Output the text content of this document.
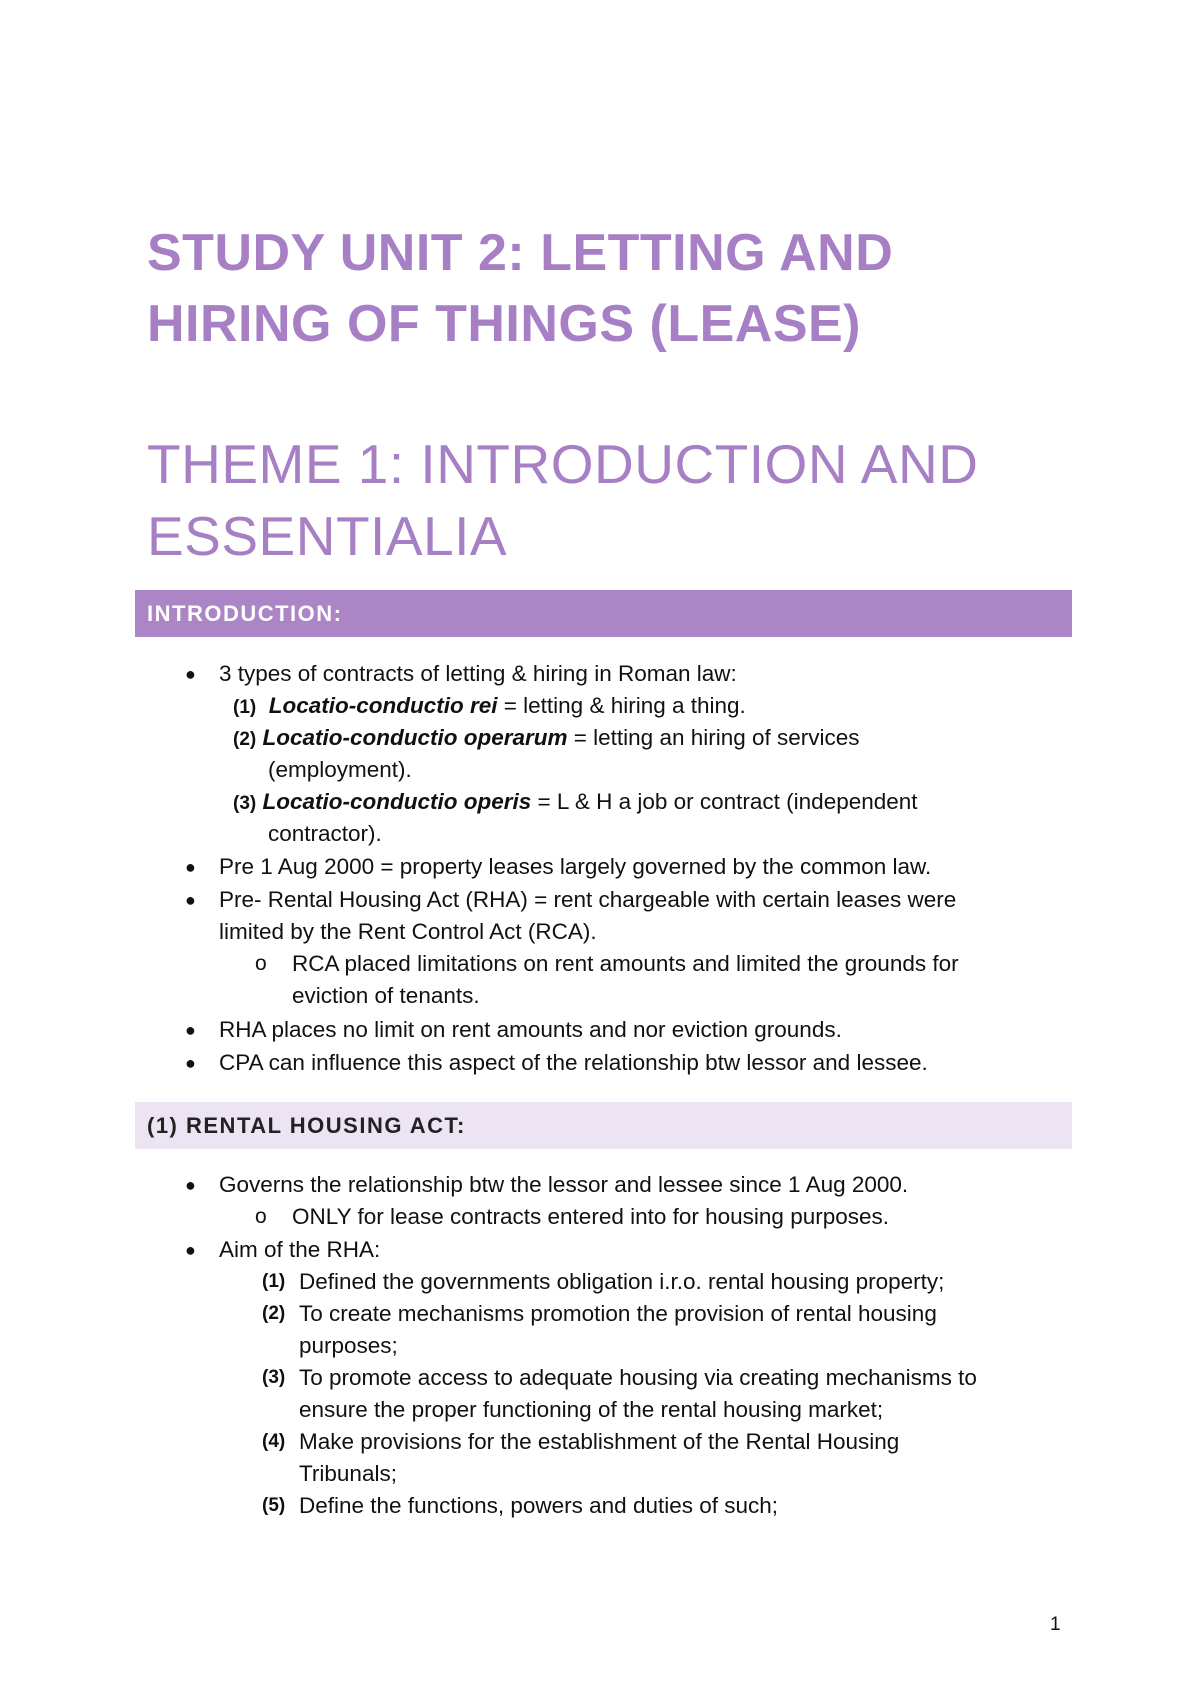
STUDY UNIT 2: LETTING AND
HIRING OF THINGS (LEASE)
THEME 1: INTRODUCTION AND
ESSENTIALIA
INTRODUCTION:
● 3 types of contracts of letting & hiring in Roman law:
(1) Locatio-conductio rei = letting & hiring a thing.
(2) Locatio-conductio operarum = letting an hiring of services
(employment).
(3) Locatio-conductio operis = L & H a job or contract (independent
contractor).
● Pre 1 Aug 2000 = property leases largely governed by the common law.
● Pre- Rental Housing Act (RHA) = rent chargeable with certain leases were
limited by the Rent Control Act (RCA).
o RCA placed limitations on rent amounts and limited the grounds for
eviction of tenants.
● RHA places no limit on rent amounts and nor eviction grounds.
● CPA can influence this aspect of the relationship btw lessor and lessee.
(1) RENTAL HOUSING ACT:
● Governs the relationship btw the lessor and lessee since 1 Aug 2000.
o ONLY for lease contracts entered into for housing purposes.
● Aim of the RHA:
(1) Defined the governments obligation i.r.o. rental housing property;
(2) To create mechanisms promotion the provision of rental housing
purposes;
(3) To promote access to adequate housing via creating mechanisms to
ensure the proper functioning of the rental housing market;
(4) Make provisions for the establishment of the Rental Housing
Tribunals;
(5) Define the functions, powers and duties of such;
1
